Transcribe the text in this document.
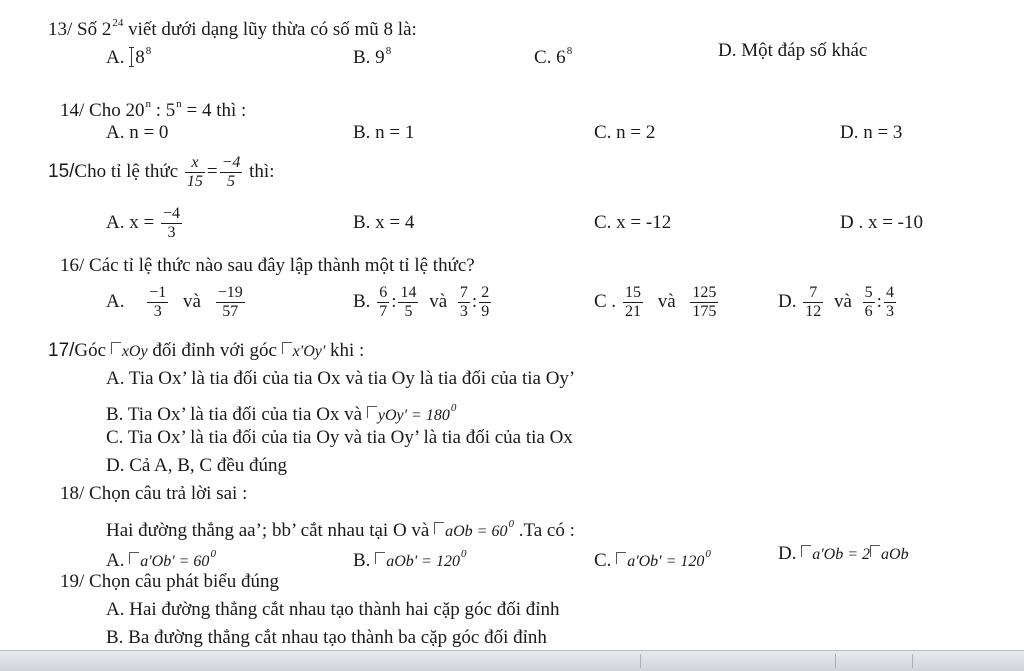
13/ Số $2^{24}$ viết dưới dạng lũy thừa có số mũ 8 là:
A. $8^8$	B. $9^8$	C. $6^8$	D. Một đáp số khác
14/ Cho 20$^n$ : $5^n = 4$ thì :
A. n = 0	B. n = 1	C. n = 2	D. n = 3
15/Cho tỉ lệ thức $\frac{x}{15} = \frac{-4}{5}$ thì:
A. $x = \frac{-4}{3}$	B. x = 4	C. x = -12	D . x = -10
16/ Các tỉ lệ thức nào sau đây lập thành một tỉ lệ thức?
A. $\frac{-1}{3}$ và $\frac{-19}{57}$	B. $\frac{6}{7}$ : $\frac{14}{5}$ và $\frac{7}{3}$ : $\frac{2}{9}$	C . $\frac{15}{21}$ và $\frac{125}{175}$	D. $\frac{7}{12}$ và $\frac{5}{6}$ : $\frac{4}{3}$
17/Góc xOy đối đỉnh với góc x'Oy' khi :
A. Tia Ox’ là tia đối của tia Ox và tia Oy là tia đối của tia Oy’
B. Tia Ox’ là tia đối của tia Ox và $yOy' = 180^0$
C. Tia Ox’ là tia đối của tia Oy và tia Oy’ là tia đối của tia Ox
D. Cả A, B, C đều đúng
18/ Chọn câu trả lời sai :
Hai đường thẳng aa’; bb’ cắt nhau tại O và aOb = $60^0$ .Ta có :
A. $a'Ob' = 60^0$	B. $aOb' = 120^0$	C. $a'Ob' = 120^0$	D. a'Ob = 2 aOb
19/ Chọn câu phát biểu đúng
A. Hai đường thẳng cắt nhau tạo thành hai cặp góc đối đỉnh
B. Ba đường thẳng cắt nhau tạo thành ba cặp góc đối đỉnh
